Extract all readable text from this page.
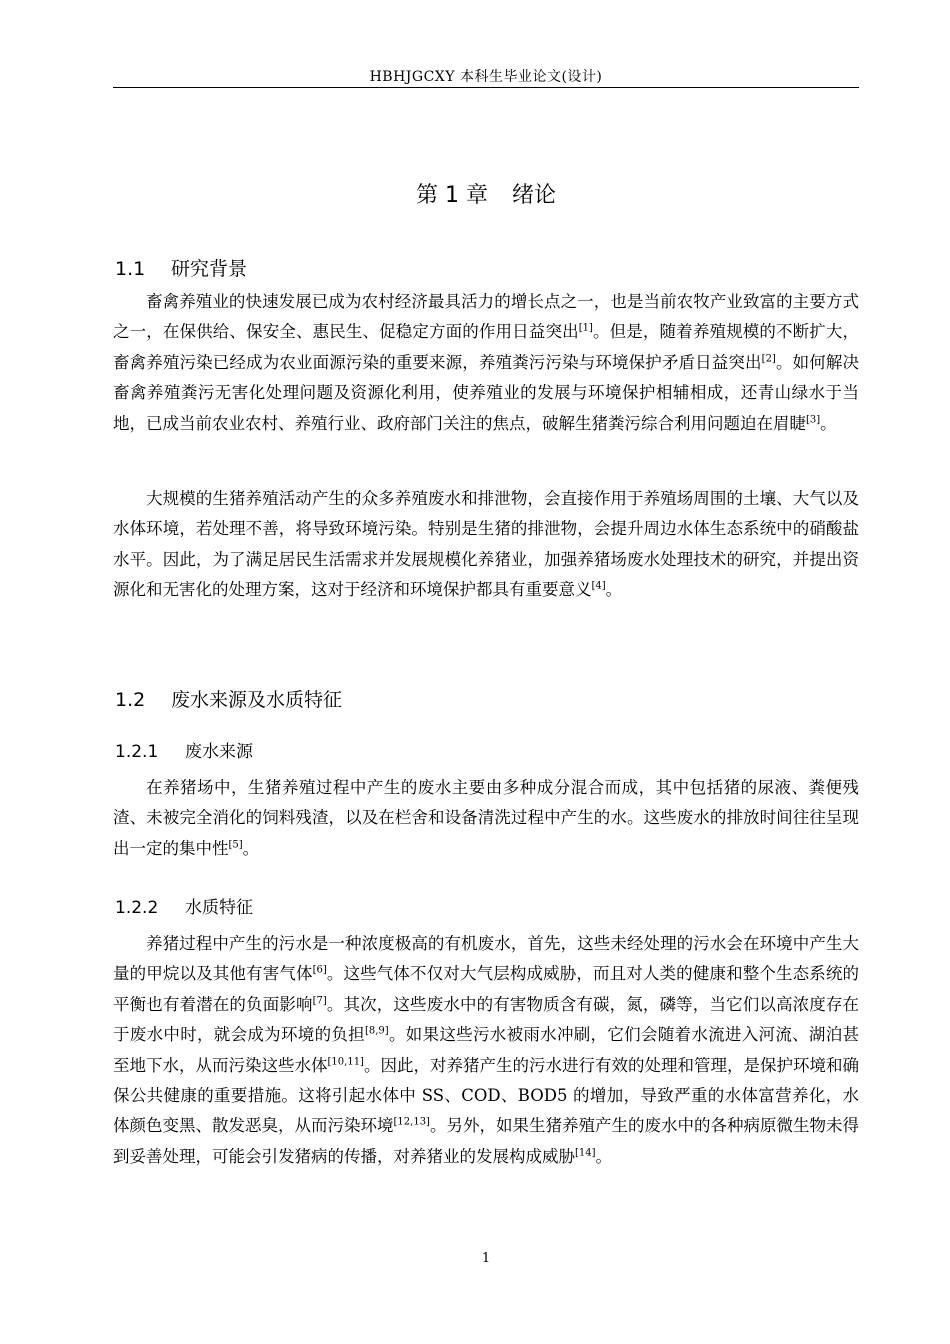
HBHJGCXY 本科生毕业论文(设计)
第 1 章 绪论
1.1 研究背景

畜禽养殖业的快速发展已成为农村经济最具活力的增长点之一，也是当前农牧产业致富的主要方式之一，在保供给、保安全、惠民生、促稳定方面的作用日益突出[1]。但是，随着养殖规模的不断扩大，畜禽养殖污染已经成为农业面源污染的重要来源，养殖粪污污染与环境保护矛盾日益突出[2]。如何解决畜禽养殖粪污无害化处理问题及资源化利用，使养殖业的发展与环境保护相辅相成，还青山绿水于当地，已成当前农业农村、养殖行业、政府部门关注的焦点，破解生猪粪污综合利用问题迫在眉睫[3]。

大规模的生猪养殖活动产生的众多养殖废水和排泄物，会直接作用于养殖场周围的土壤、大气以及水体环境，若处理不善，将导致环境污染。特别是生猪的排泄物，会提升周边水体生态系统中的硝酸盐水平。因此，为了满足居民生活需求并发展规模化养猪业，加强养猪场废水处理技术的研究，并提出资源化和无害化的处理方案，这对于经济和环境保护都具有重要意义[4]。

1.2 废水来源及水质特征
1.2.1 废水来源

在养猪场中，生猪养殖过程中产生的废水主要由多种成分混合而成，其中包括猪的尿液、粪便残渣、未被完全消化的饲料残渣，以及在栏舍和设备清洗过程中产生的水。这些废水的排放时间往往呈现出一定的集中性[5]。

1.2.2 水质特征

养猪过程中产生的污水是一种浓度极高的有机废水，首先，这些未经处理的污水会在环境中产生大量的甲烷以及其他有害气体[6]。这些气体不仅对大气层构成威胁，而且对人类的健康和整个生态系统的平衡也有着潜在的负面影响[7]。其次，这些废水中的有害物质含有碳，氮，磷等，当它们以高浓度存在于废水中时，就会成为环境的负担[8,9]。如果这些污水被雨水冲刷，它们会随着水流进入河流、湖泊甚至地下水，从而污染这些水体[10,11]。因此，对养猪产生的污水进行有效的处理和管理，是保护环境和确保公共健康的重要措施。这将引起水体中 SS、COD、BOD5 的增加，导致严重的水体富营养化，水体颜色变黑、散发恶臭，从而污染环境[12,13]。另外，如果生猪养殖产生的废水中的各种病原微生物未得到妥善处理，可能会引发猪病的传播，对养猪业的发展构成威胁[14]。

1
